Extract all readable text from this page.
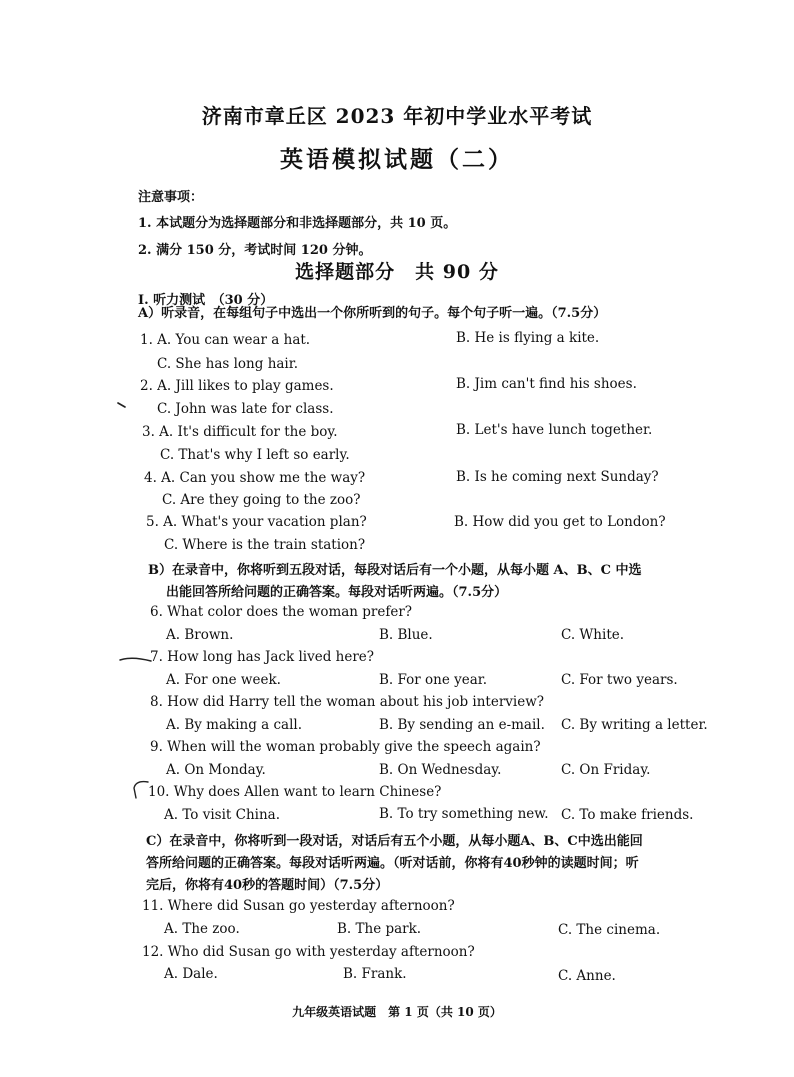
济南市章丘区 2023 年初中学业水平考试
英语模拟试题（二）
注意事项：
1. 本试题分为选择题部分和非选择题部分，共 10 页。
2. 满分 150 分，考试时间 120 分钟。
选择题部分　共 90 分
I. 听力测试　（30 分）
A）听录音，在每组句子中选出一个你所听到的句子。每个句子听一遍。（7.5分）
1. A. You can wear a hat.	B. He is flying a kite.
C. She has long hair.
2. A. Jill likes to play games.	B. Jim can't find his shoes.
C. John was late for class.
3. A. It's difficult for the boy.	B. Let's have lunch together.
C. That's why I left so early.
4. A. Can you show me the way?	B. Is he coming next Sunday?
C. Are they going to the zoo?
5. A. What's your vacation plan?	B. How did you get to London?
C. Where is the train station?
B）在录音中，你将听到五段对话，每段对话后有一个小题，从每小题 A、B、C 中选
出能回答所给问题的正确答案。每段对话听两遍。（7.5分）
6. What color does the woman prefer?
A. Brown.	B. Blue.	C. White.
7. How long has Jack lived here?
A. For one week.	B. For one year.	C. For two years.
8. How did Harry tell the woman about his job interview?
A. By making a call.	B. By sending an e-mail. C. By writing a letter.
9. When will the woman probably give the speech again?
A. On Monday.	B. On Wednesday.	C. On Friday.
10. Why does Allen want to learn Chinese?
A. To visit China.	B. To try something new. C. To make friends.
C）在录音中，你将听到一段对话，对话后有五个小题，从每小题A、B、C中选出能回
答所给问题的正确答案。每段对话听两遍。（听对话前，你将有40秒钟的读题时间；听
完后，你将有40秒的答题时间）（7.5分）
11. Where did Susan go yesterday afternoon?
A. The zoo.	B. The park.	C. The cinema.
12. Who did Susan go with yesterday afternoon?
A. Dale.	B. Frank.	C. Anne.
九年级英语试题　第 1 页（共 10 页）
